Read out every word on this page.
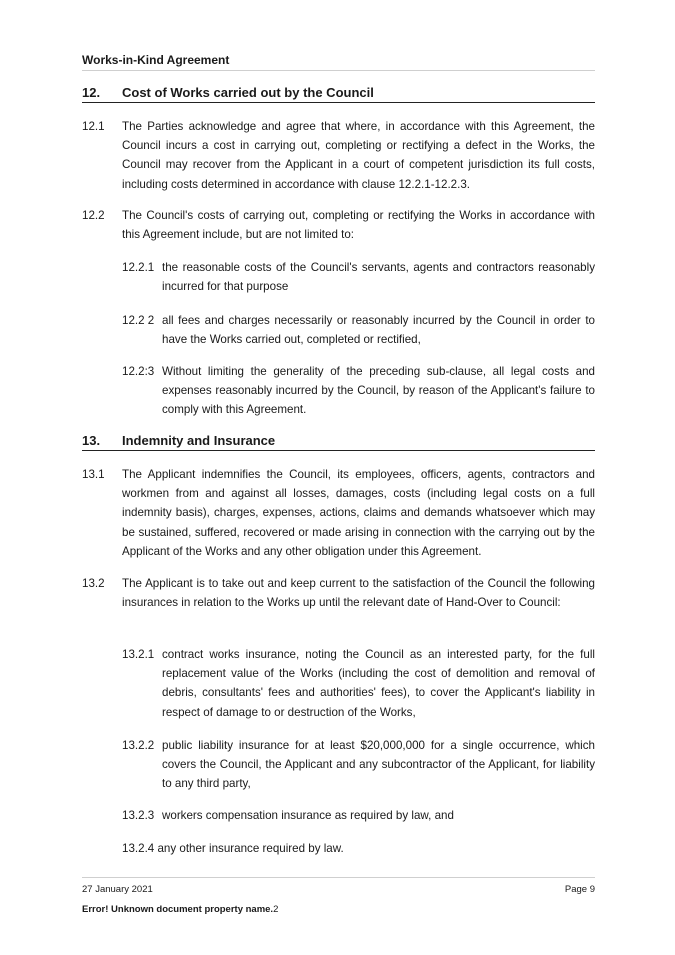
Works-in-Kind Agreement
12. Cost of Works carried out by the Council
12.1 The Parties acknowledge and agree that where, in accordance with this Agreement, the Council incurs a cost in carrying out, completing or rectifying a defect in the Works, the Council may recover from the Applicant in a court of competent jurisdiction its full costs, including costs determined in accordance with clause 12.2.1-12.2.3.
12.2 The Council's costs of carrying out, completing or rectifying the Works in accordance with this Agreement include, but are not limited to:
12.2.1 the reasonable costs of the Council's servants, agents and contractors reasonably incurred for that purpose
12.2 2 all fees and charges necessarily or reasonably incurred by the Council in order to have the Works carried out, completed or rectified,
12.2:3 Without limiting the generality of the preceding sub-clause, all legal costs and expenses reasonably incurred by the Council, by reason of the Applicant's failure to comply with this Agreement.
13. Indemnity and Insurance
13.1 The Applicant indemnifies the Council, its employees, officers, agents, contractors and workmen from and against all losses, damages, costs (including legal costs on a full indemnity basis), charges, expenses, actions, claims and demands whatsoever which may be sustained, suffered, recovered or made arising in connection with the carrying out by the Applicant of the Works and any other obligation under this Agreement.
13.2 The Applicant is to take out and keep current to the satisfaction of the Council the following insurances in relation to the Works up until the relevant date of Hand-Over to Council:
13.2.1 contract works insurance, noting the Council as an interested party, for the full replacement value of the Works (including the cost of demolition and removal of debris, consultants' fees and authorities' fees), to cover the Applicant's liability in respect of damage to or destruction of the Works,
13.2.2 public liability insurance for at least $20,000,000 for a single occurrence, which covers the Council, the Applicant and any subcontractor of the Applicant, for liability to any third party,
13.2.3 workers compensation insurance as required by law, and
13.2.4 any other insurance required by law.
27 January 2021	Page 9
Error! Unknown document property name.2
